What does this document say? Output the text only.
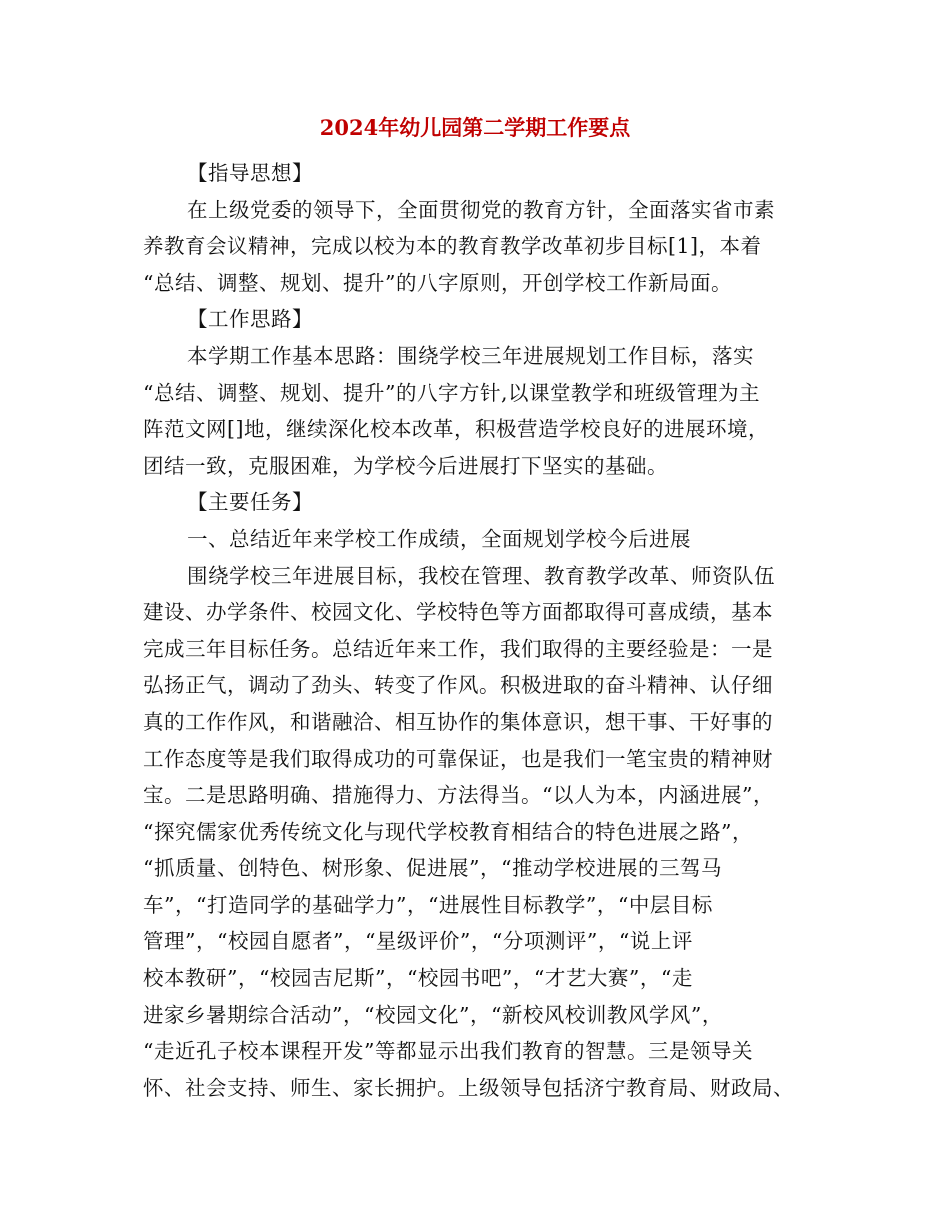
2024年幼儿园第二学期工作要点
【指导思想】
在上级党委的领导下，全面贯彻党的教育方针，全面落实省市素
养教育会议精神，完成以校为本的教育教学改革初步目标[1]，本着
“总结、调整、规划、提升”的八字原则，开创学校工作新局面。
【工作思路】
本学期工作基本思路：围绕学校三年进展规划工作目标，落实
“总结、调整、规划、提升”的八字方针,以课堂教学和班级管理为主
阵范文网[]地，继续深化校本改革，积极营造学校良好的进展环境，
团结一致，克服困难，为学校今后进展打下坚实的基础。
【主要任务】
一、总结近年来学校工作成绩，全面规划学校今后进展
围绕学校三年进展目标，我校在管理、教育教学改革、师资队伍
建设、办学条件、校园文化、学校特色等方面都取得可喜成绩，基本
完成三年目标任务。总结近年来工作，我们取得的主要经验是：一是
弘扬正气，调动了劲头、转变了作风。积极进取的奋斗精神、认仔细
真的工作作风，和谐融洽、相互协作的集体意识，想干事、干好事的
工作态度等是我们取得成功的可靠保证，也是我们一笔宝贵的精神财
宝。二是思路明确、措施得力、方法得当。“以人为本，内涵进展”，
“探究儒家优秀传统文化与现代学校教育相结合的特色进展之路”，
“抓质量、创特色、树形象、促进展”，“推动学校进展的三驾马
车”，“打造同学的基础学力”，“进展性目标教学”，“中层目标
管理”，“校园自愿者”，“星级评价”，“分项测评”，“说上评
校本教研”，“校园吉尼斯”，“校园书吧”，“才艺大赛”，“走
进家乡暑期综合活动”，“校园文化”，“新校风校训教风学风”，
“走近孔子校本课程开发”等都显示出我们教育的智慧。三是领导关
怀、社会支持、师生、家长拥护。上级领导包括济宁教育局、财政局、
